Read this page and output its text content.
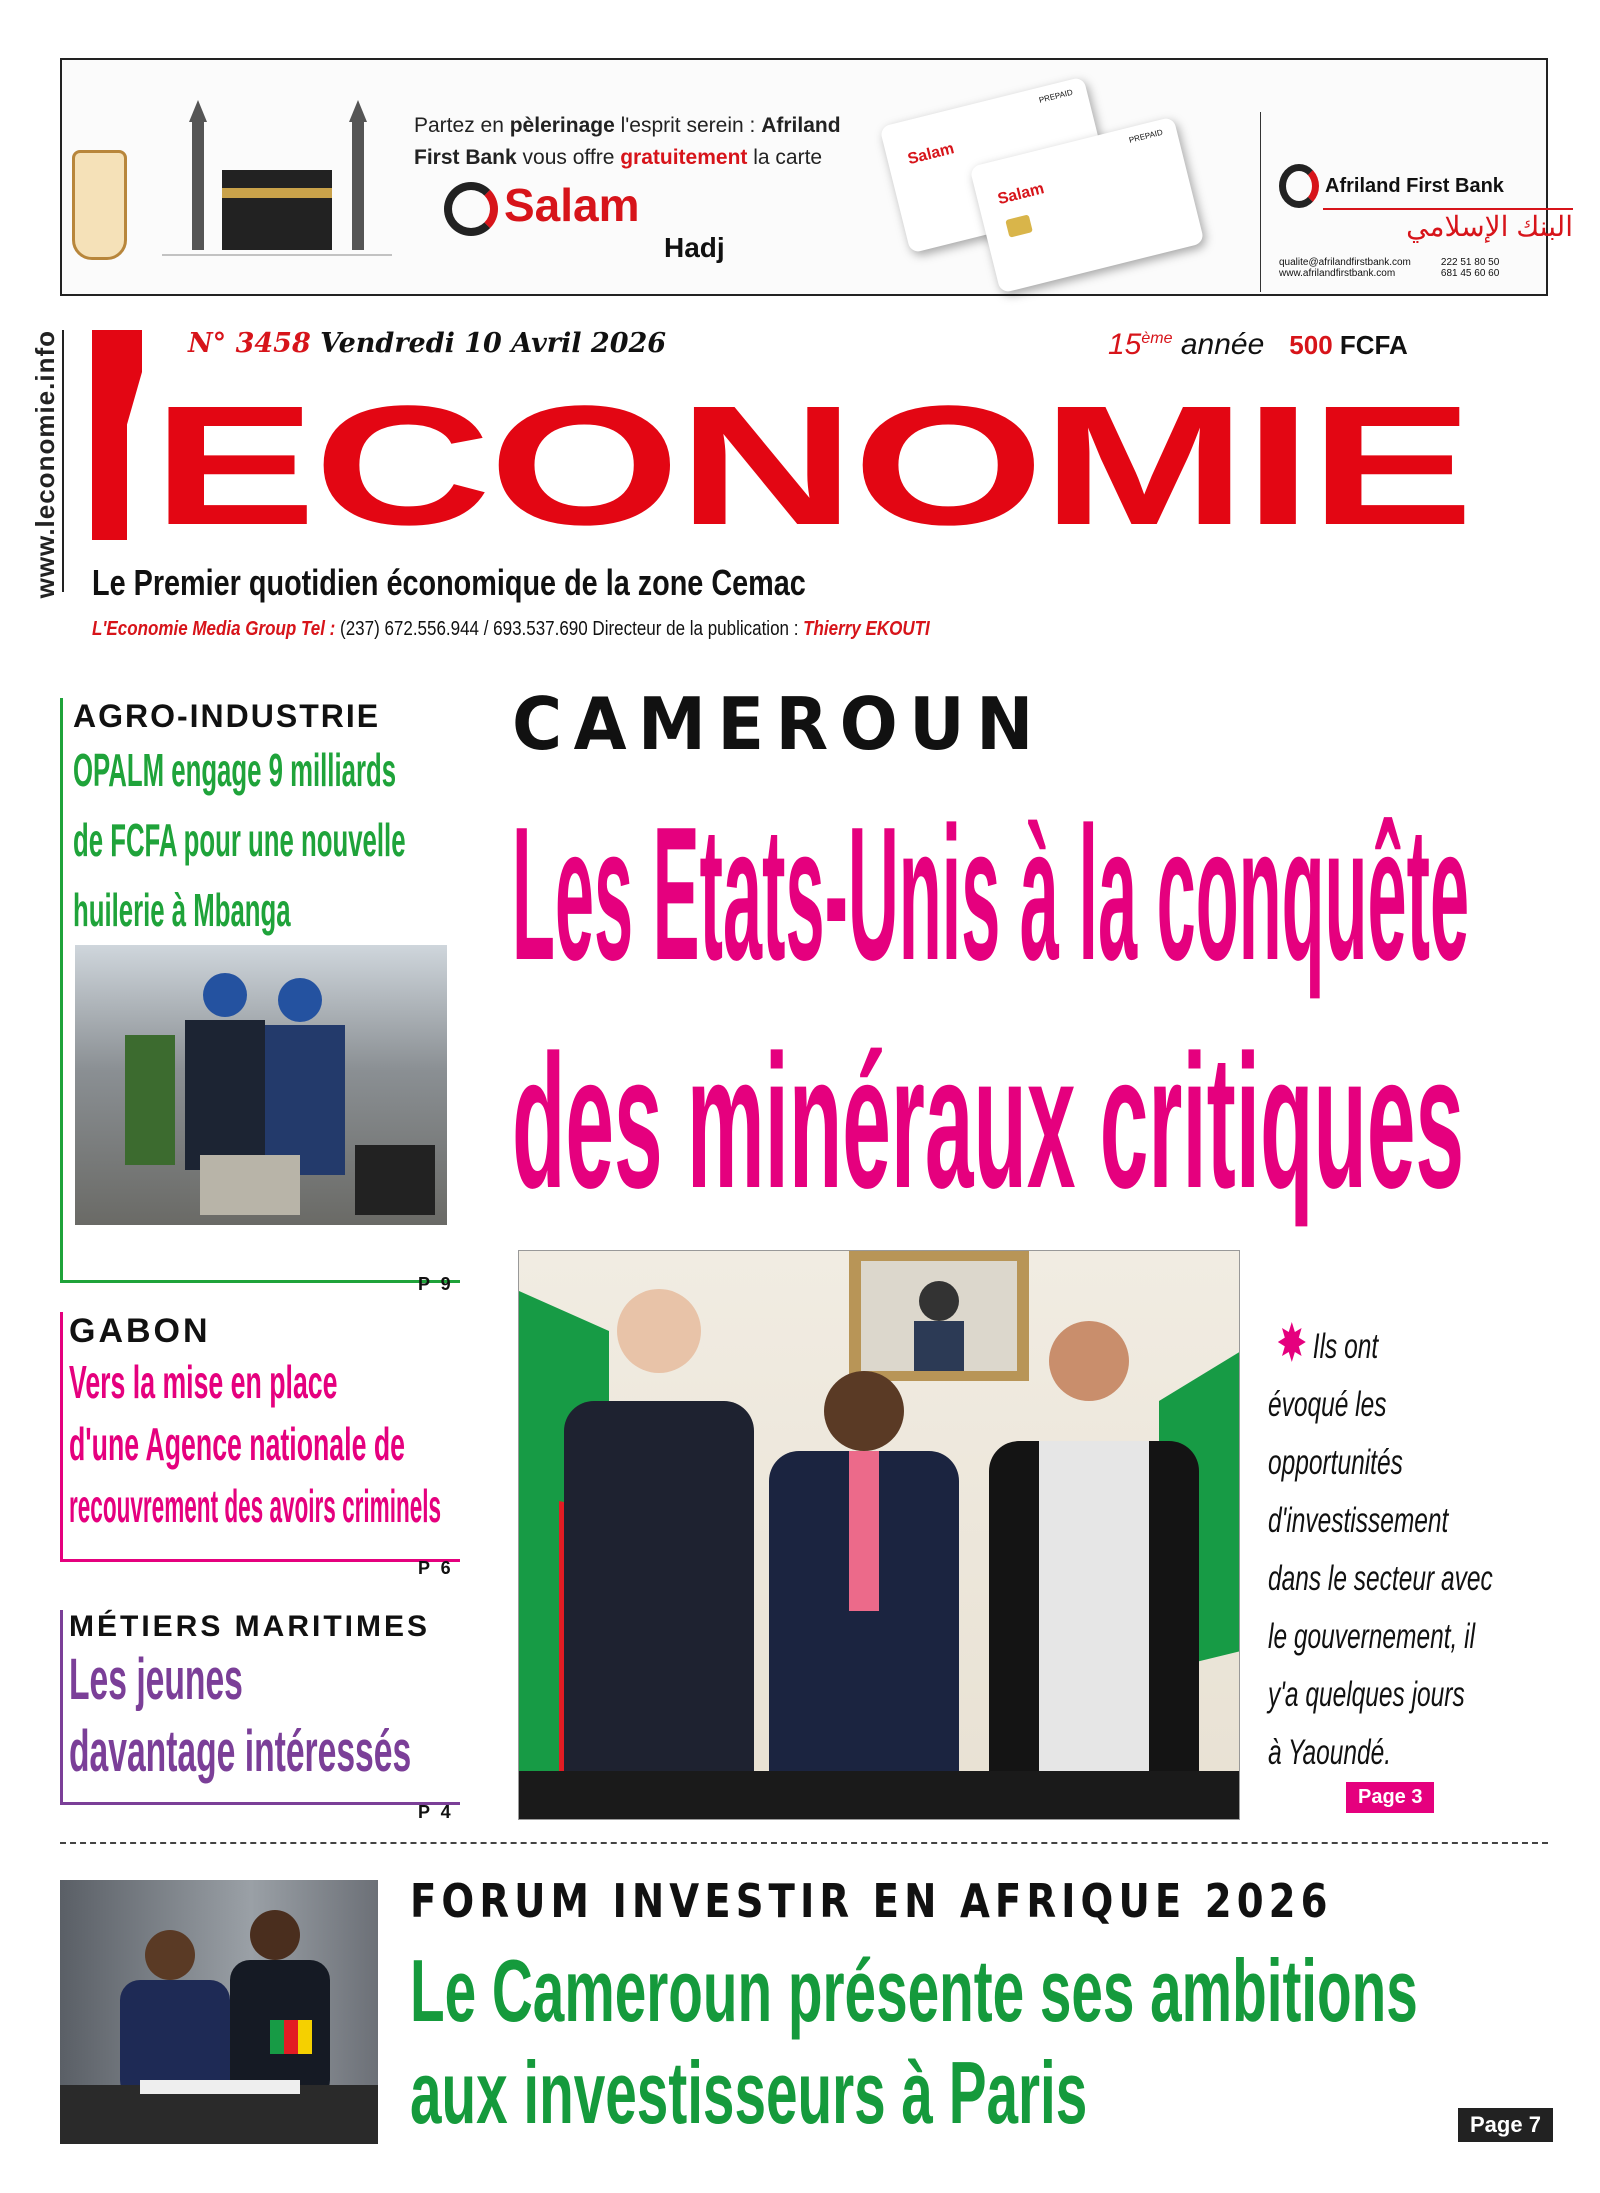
Partez en pèlerinage l'esprit serein : Afriland
First Bank vous offre gratuitement la carte
Salam
Hadj
Salam
PREPAID
Salam
PREPAID
Afriland First Bank
البنك الإسلامي
qualite@afrilandfirstbank.com
www.afrilandfirstbank.com
222 51 80 50
681 45 60 60
www.leconomie.info	N° 3458 Vendredi 10 Avril 2026	15ème année 500 FCFA
ECONOMIE
Le Premier quotidien économique de la zone Cemac
L'Economie Media Group Tel : (237) 672.556.944 / 693.537.690 Directeur de la publication : Thierry EKOUTI
AGRO-INDUSTRIE
OPALM engage 9 milliards
de FCFA pour une nouvelle
huilerie à Mbanga
P 9
GABON
Vers la mise en place
d'une Agence nationale de
recouvrement des avoirs criminels
P 6
MÉTIERS MARITIMES
Les jeunes
davantage intéressés
P 4
CAMEROUN
Les Etats-Unis à la conquête
des minéraux critiques
Ils ont
évoqué les
opportunités
d'investissement
dans le secteur avec
le gouvernement, il
y'a quelques jours
à Yaoundé.
Page 3
FORUM INVESTIR EN AFRIQUE 2026
Le Cameroun présente ses ambitions
aux investisseurs à Paris	Page 7
